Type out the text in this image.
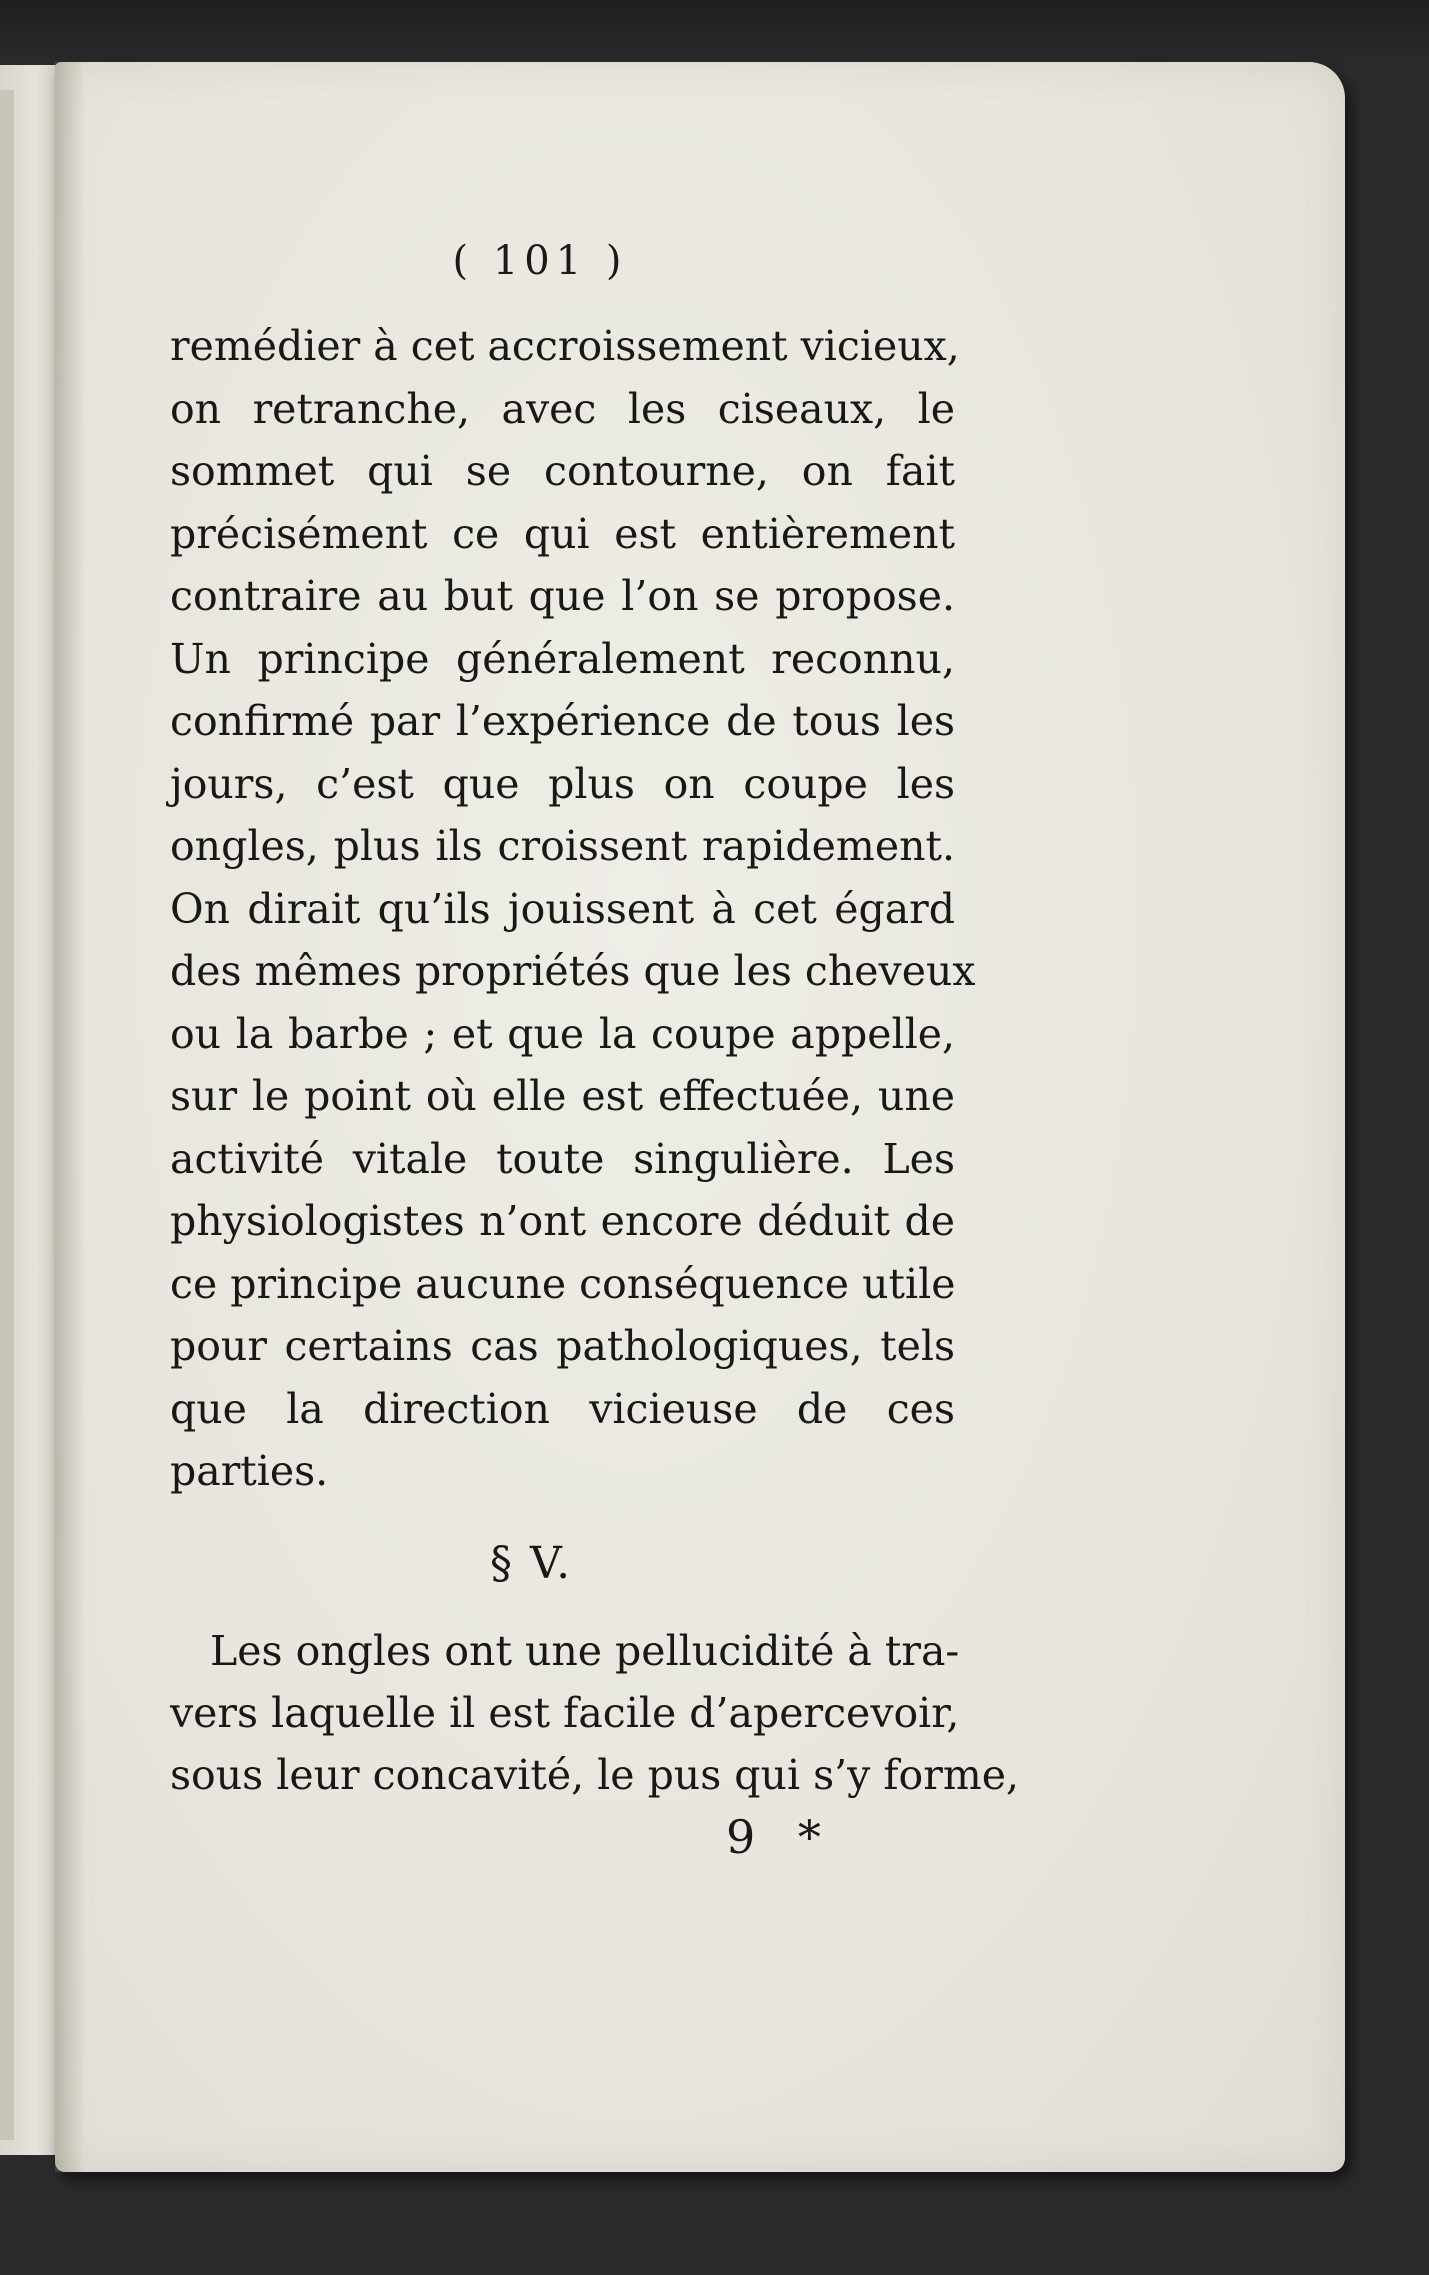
( 101 )
remédier à cet accroissement vicieux,
on retranche, avec les ciseaux, le
sommet qui se contourne, on fait
précisément ce qui est entièrement
contraire au but que l’on se propose.
Un principe généralement reconnu,
confirmé par l’expérience de tous les
jours, c’est que plus on coupe les
ongles, plus ils croissent rapidement.
On dirait qu’ils jouissent à cet égard
des mêmes propriétés que les cheveux
ou la barbe ; et que la coupe appelle,
sur le point où elle est effectuée, une
activité vitale toute singulière. Les
physiologistes n’ont encore déduit de
ce principe aucune conséquence utile
pour certains cas pathologiques, tels
que la direction vicieuse de ces
parties.
§ V.
Les ongles ont une pellucidité à tra-
vers laquelle il est facile d’apercevoir,
sous leur concavité, le pus qui s’y forme,
9 *
